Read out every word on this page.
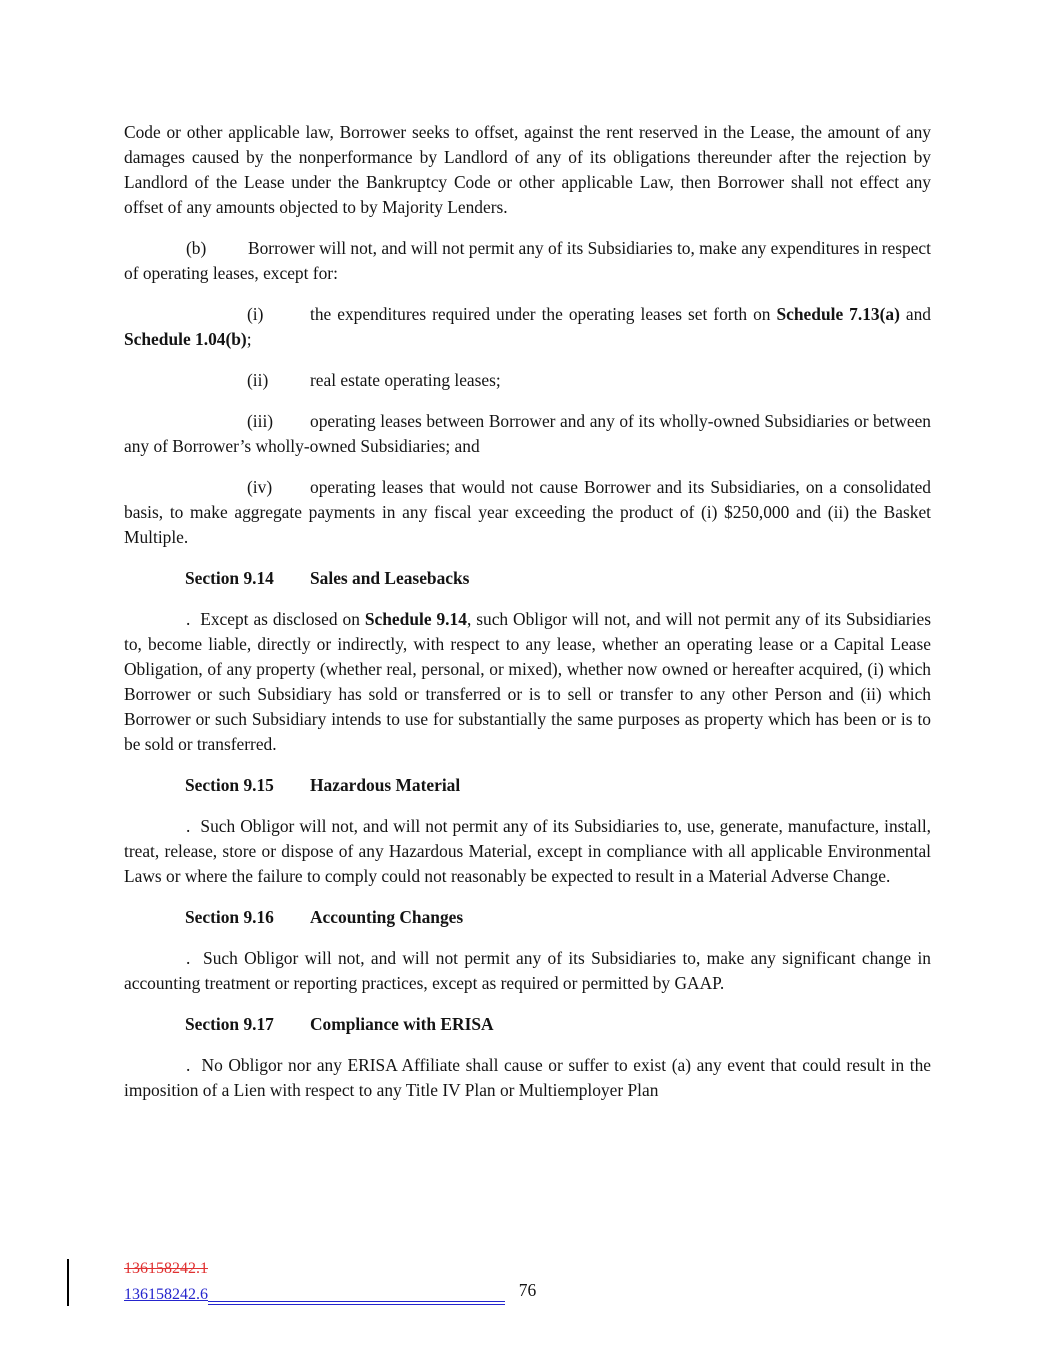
Code or other applicable law, Borrower seeks to offset, against the rent reserved in the Lease, the amount of any damages caused by the nonperformance by Landlord of any of its obligations thereunder after the rejection by Landlord of the Lease under the Bankruptcy Code or other applicable Law, then Borrower shall not effect any offset of any amounts objected to by Majority Lenders.

(b) Borrower will not, and will not permit any of its Subsidiaries to, make any expenditures in respect of operating leases, except for:

(i)	the expenditures required under the operating leases set forth on Schedule 7.13(a) and Schedule 1.04(b);

(ii) real estate operating leases;

(iii) operating leases between Borrower and any of its wholly-owned Subsidiaries or between any of Borrower’s wholly-owned Subsidiaries; and

(iv) operating leases that would not cause Borrower and its Subsidiaries, on a consolidated basis, to make aggregate payments in any fiscal year exceeding the product of (i) $250,000 and (ii) the Basket Multiple.

Section 9.14 Sales and Leasebacks

.  Except as disclosed on Schedule 9.14, such Obligor will not, and will not permit any of its Subsidiaries to, become liable, directly or indirectly, with respect to any lease, whether an operating lease or a Capital Lease Obligation, of any property (whether real, personal, or mixed), whether now owned or hereafter acquired, (i) which Borrower or such Subsidiary has sold or transferred or is to sell or transfer to any other Person and (ii) which Borrower or such Subsidiary intends to use for substantially the same purposes as property which has been or is to be sold or transferred.

Section 9.15 Hazardous Material

.  Such Obligor will not, and will not permit any of its Subsidiaries to, use, generate, manufacture, install, treat, release, store or dispose of any Hazardous Material, except in compliance with all applicable Environmental Laws or where the failure to comply could not reasonably be expected to result in a Material Adverse Change.

Section 9.16 Accounting Changes

.  Such Obligor will not, and will not permit any of its Subsidiaries to, make any significant change in accounting treatment or reporting practices, except as required or permitted by GAAP.

Section 9.17 Compliance with ERISA

.  No Obligor nor any ERISA Affiliate shall cause or suffer to exist (a) any event that could result in the imposition of a Lien with respect to any Title IV Plan or Multiemployer Plan

136158242.1
136158242.6	76
